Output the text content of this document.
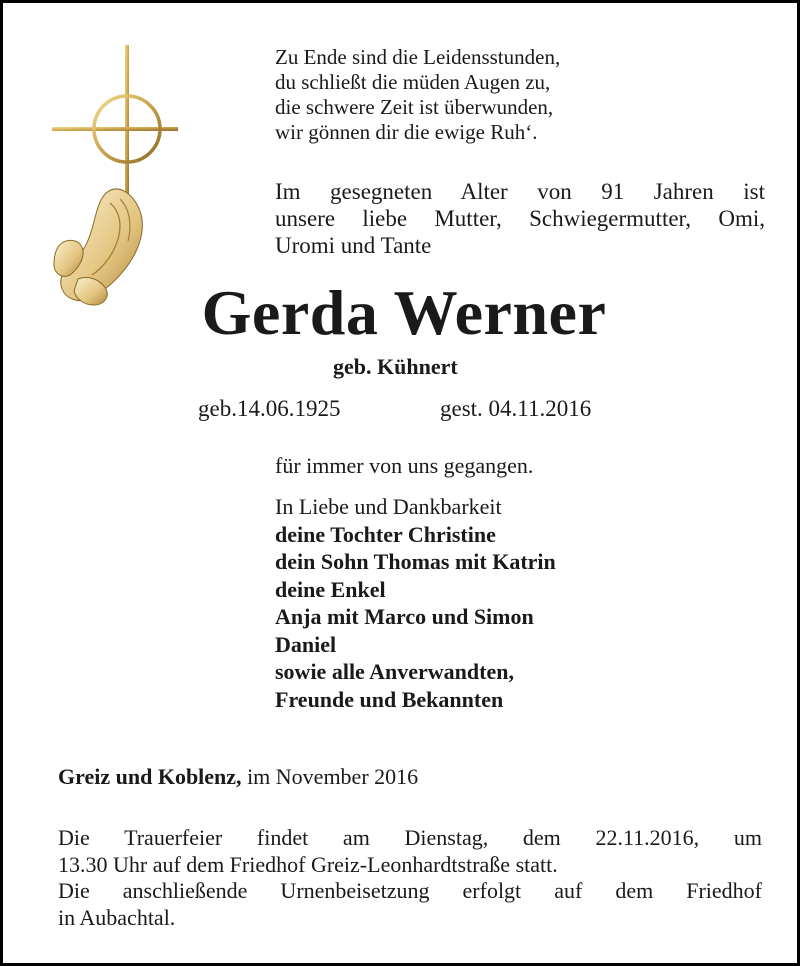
Zu Ende sind die Leidensstunden,
du schließt die müden Augen zu,
die schwere Zeit ist überwunden,
wir gönnen dir die ewige Ruh‘.
Im gesegneten Alter von 91 Jahren ist
unsere liebe Mutter, Schwiegermutter, Omi,
Uromi und Tante
Gerda Werner
geb. Kühnert
geb.14.06.1925	gest. 04.11.2016
für immer von uns gegangen.
In Liebe und Dankbarkeit
deine Tochter Christine
dein Sohn Thomas mit Katrin
deine Enkel
Anja mit Marco und Simon
Daniel
sowie alle Anverwandten,
Freunde und Bekannten
Greiz und Koblenz, im November 2016
Die Trauerfeier findet am Dienstag, dem 22.11.2016, um
13.30 Uhr auf dem Friedhof Greiz-Leonhardtstraße statt.
Die anschließende Urnenbeisetzung erfolgt auf dem Friedhof
in Aubachtal.
